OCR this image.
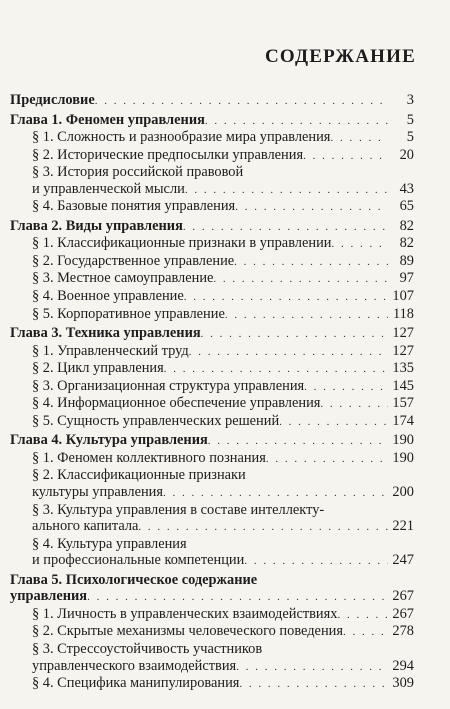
СОДЕРЖАНИЕ
Предисловие . . .	3
Глава 1. Феномен управления . . .	5
§ 1. Сложность и разнообразие мира управления . . .	5
§ 2. Исторические предпосылки управления . . .	20
§ 3. История российской правовой
и управленческой мысли . . .	43
§ 4. Базовые понятия управления . . .	65
Глава 2. Виды управления . . .	82
§ 1. Классификационные признаки в управлении . . .	82
§ 2. Государственное управление . . .	89
§ 3. Местное самоуправление . . .	97
§ 4. Военное управление . . .	107
§ 5. Корпоративное управление . . .	118
Глава 3. Техника управления . . .	127
§ 1. Управленческий труд . . .	127
§ 2. Цикл управления . . .	135
§ 3. Организационная структура управления . . .	145
§ 4. Информационное обеспечение управления . . .	157
§ 5. Сущность управленческих решений . . .	174
Глава 4. Культура управления . . .	190
§ 1. Феномен коллективного познания . . .	190
§ 2. Классификационные признаки
культуры управления . . .	200
§ 3. Культура управления в составе интеллекту-
ального капитала . . .	221
§ 4. Культура управления
и профессиональные компетенции . . .	247
Глава 5. Психологическое содержание
управления . . .	267
§ 1. Личность в управленческих взаимодействиях . . .	267
§ 2. Скрытые механизмы человеческого поведения . . .	278
§ 3. Стрессоустойчивость участников
управленческого взаимодействия . . .	294
§ 4. Специфика манипулирования . . .	309
